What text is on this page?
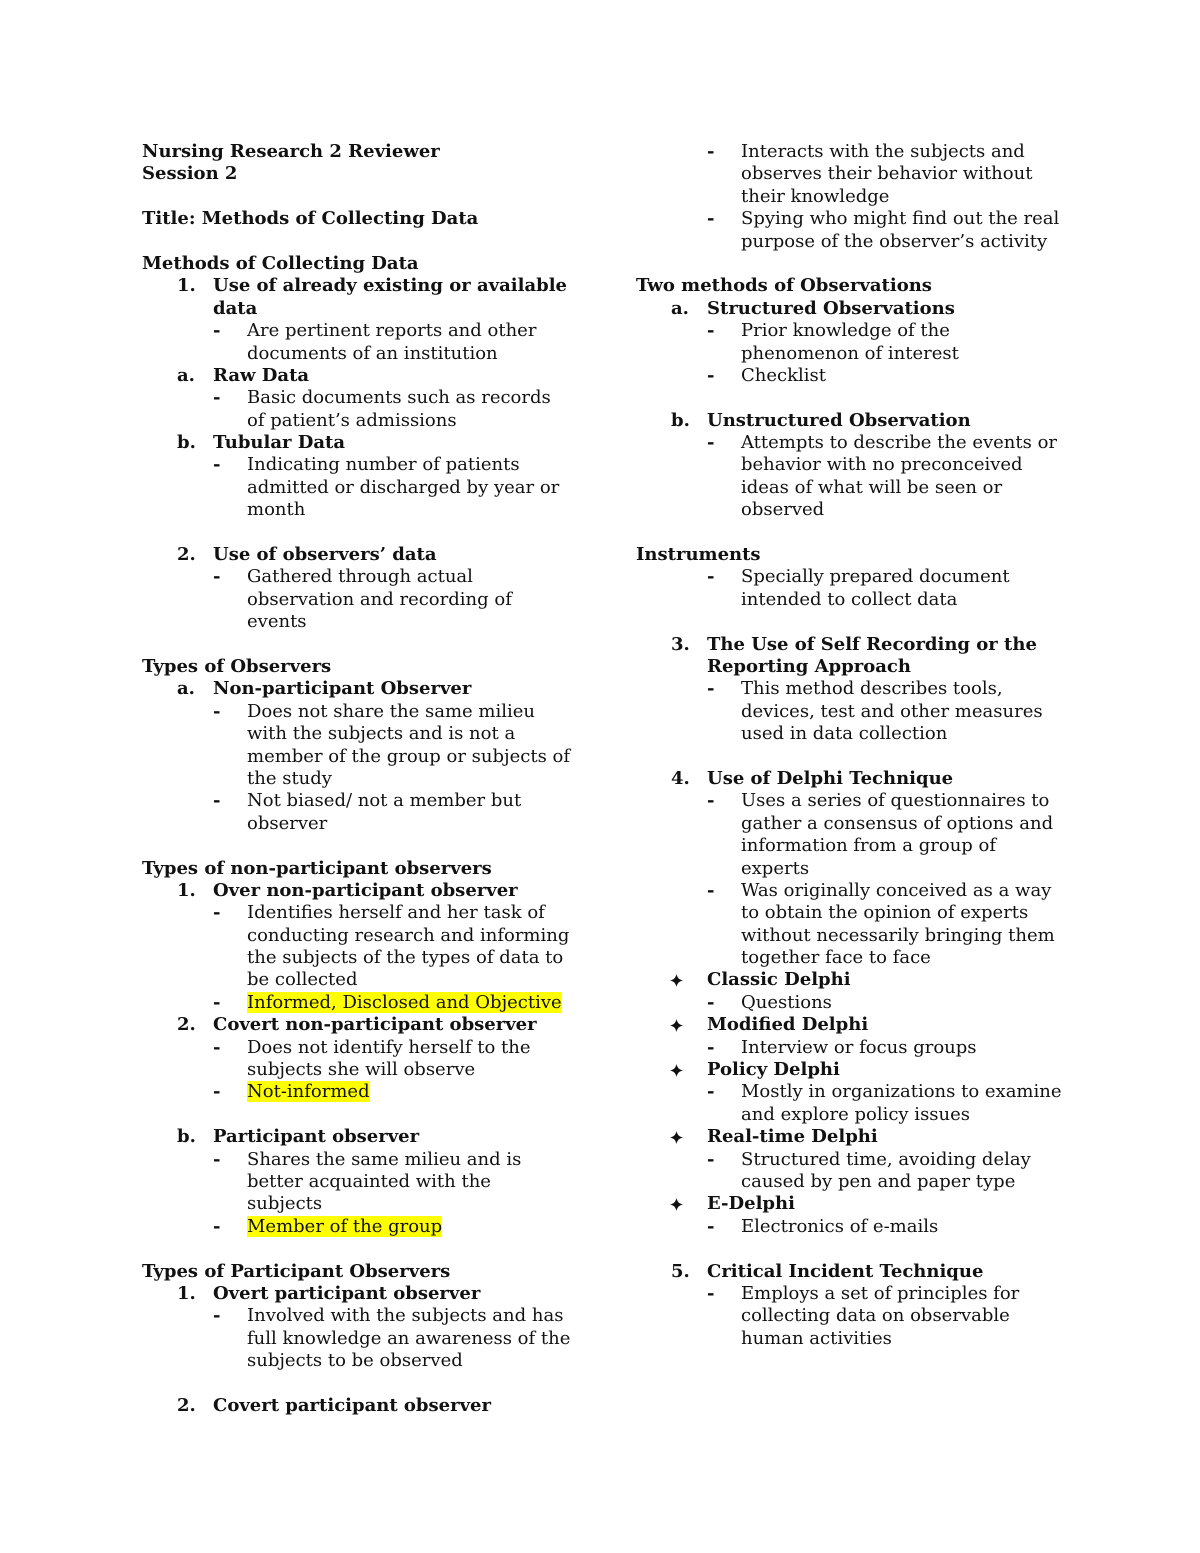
Nursing Research 2 Reviewer
Session 2
Title: Methods of Collecting Data
Methods of Collecting Data
1. Use of already existing or available
data
- Are pertinent reports and other
documents of an institution
a. Raw Data
- Basic documents such as records
of patient’s admissions
b. Tubular Data
- Indicating number of patients
admitted or discharged by year or
month
2. Use of observers’ data
- Gathered through actual
observation and recording of
events
Types of Observers
a. Non-participant Observer
- Does not share the same milieu
with the subjects and is not a
member of the group or subjects of
the study
- Not biased/ not a member but
observer
Types of non-participant observers
1. Over non-participant observer
- Identifies herself and her task of
conducting research and informing
the subjects of the types of data to
be collected
- Informed, Disclosed and Objective
2. Covert non-participant observer
- Does not identify herself to the
subjects she will observe
- Not-informed
b. Participant observer
- Shares the same milieu and is
better acquainted with the
subjects
- Member of the group
Types of Participant Observers
1. Overt participant observer
- Involved with the subjects and has
full knowledge an awareness of the
subjects to be observed
2. Covert participant observer
- Interacts with the subjects and
observes their behavior without
their knowledge
- Spying who might find out the real
purpose of the observer’s activity
Two methods of Observations
a. Structured Observations
- Prior knowledge of the
phenomenon of interest
- Checklist
b. Unstructured Observation
- Attempts to describe the events or
behavior with no preconceived
ideas of what will be seen or
observed
Instruments
- Specially prepared document
intended to collect data
3. The Use of Self Recording or the
Reporting Approach
- This method describes tools,
devices, test and other measures
used in data collection
4. Use of Delphi Technique
- Uses a series of questionnaires to
gather a consensus of options and
information from a group of
experts
- Was originally conceived as a way
to obtain the opinion of experts
without necessarily bringing them
together face to face
Classic Delphi
- Questions
Modified Delphi
- Interview or focus groups
Policy Delphi
- Mostly in organizations to examine
and explore policy issues
Real-time Delphi
- Structured time, avoiding delay
caused by pen and paper type
E-Delphi
- Electronics of e-mails
5. Critical Incident Technique
- Employs a set of principles for
collecting data on observable
human activities
